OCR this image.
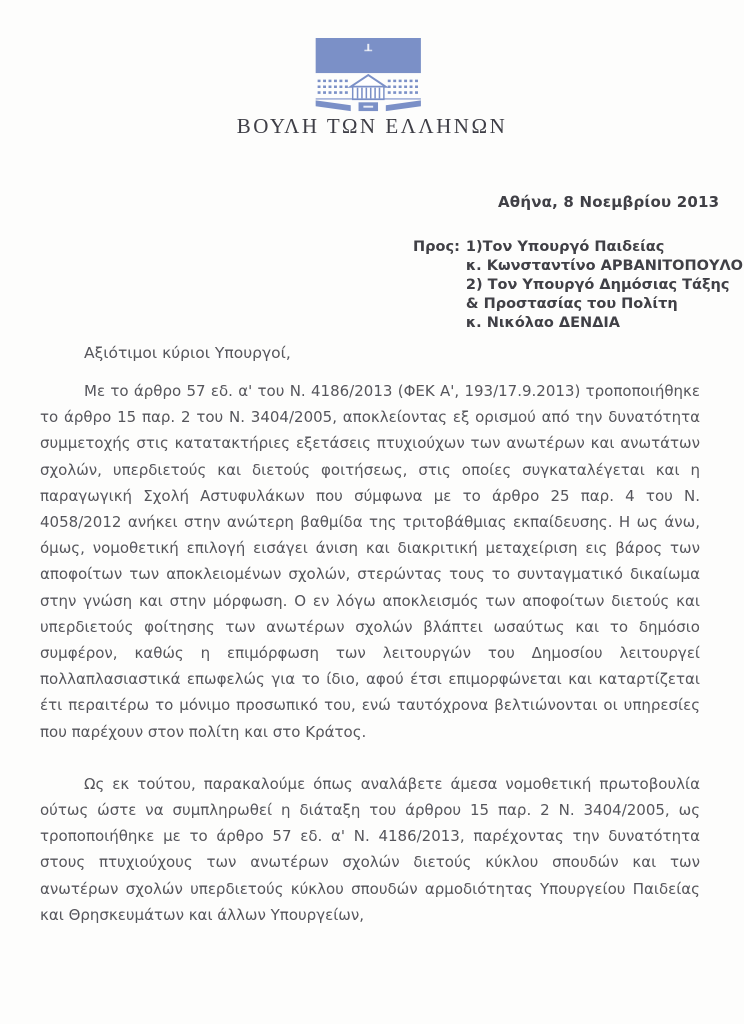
ΒΟΥΛΗ ΤΩΝ ΕΛΛΗΝΩΝ
Αθήνα, 8 Νοεμβρίου 2013
Προς: 1)Τον Υπουργό Παιδείας
κ. Κωνσταντίνο ΑΡΒΑΝΙΤΟΠΟΥΛΟ
2) Τον Υπουργό Δημόσιας Τάξης
& Προστασίας του Πολίτη
κ. Νικόλαο ΔΕΝΔΙΑ
Αξιότιμοι κύριοι Υπουργοί,

Με το άρθρο 57 εδ. α' του Ν. 4186/2013 (ΦΕΚ Α', 193/17.9.2013) τροποποιήθηκε το άρθρο 15 παρ. 2 του Ν. 3404/2005, αποκλείοντας εξ ορισμού από την δυνατότητα συμμετοχής στις κατατακτήριες εξετάσεις πτυχιούχων των ανωτέρων και ανωτάτων σχολών, υπερδιετούς και διετούς φοιτήσεως, στις οποίες συγκαταλέγεται και η παραγωγική Σχολή Αστυφυλάκων που σύμφωνα με το άρθρο 25 παρ. 4 του Ν. 4058/2012 ανήκει στην ανώτερη βαθμίδα της τριτοβάθμιας εκπαίδευσης. Η ως άνω, όμως, νομοθετική επιλογή εισάγει άνιση και διακριτική μεταχείριση εις βάρος των αποφοίτων των αποκλειομένων σχολών, στερώντας τους το συνταγματικό δικαίωμα στην γνώση και στην μόρφωση. Ο εν λόγω αποκλεισμός των αποφοίτων διετούς και υπερδιετούς φοίτησης των ανωτέρων σχολών βλάπτει ωσαύτως και το δημόσιο συμφέρον, καθώς η επιμόρφωση των λειτουργών του Δημοσίου λειτουργεί πολλαπλασιαστικά επωφελώς για το ίδιο, αφού έτσι επιμορφώνεται και καταρτίζεται έτι περαιτέρω το μόνιμο προσωπικό του, ενώ ταυτόχρονα βελτιώνονται οι υπηρεσίες που παρέχουν στον πολίτη και στο Κράτος.

Ως εκ τούτου, παρακαλούμε όπως αναλάβετε άμεσα νομοθετική πρωτοβουλία ούτως ώστε να συμπληρωθεί η διάταξη του άρθρου 15 παρ. 2 Ν. 3404/2005, ως τροποποιήθηκε με το άρθρο 57 εδ. α' Ν. 4186/2013, παρέχοντας την δυνατότητα στους πτυχιούχους των ανωτέρων σχολών διετούς κύκλου σπουδών και των ανωτέρων σχολών υπερδιετούς κύκλου σπουδών αρμοδιότητας Υπουργείου Παιδείας και Θρησκευμάτων και άλλων Υπουργείων,
